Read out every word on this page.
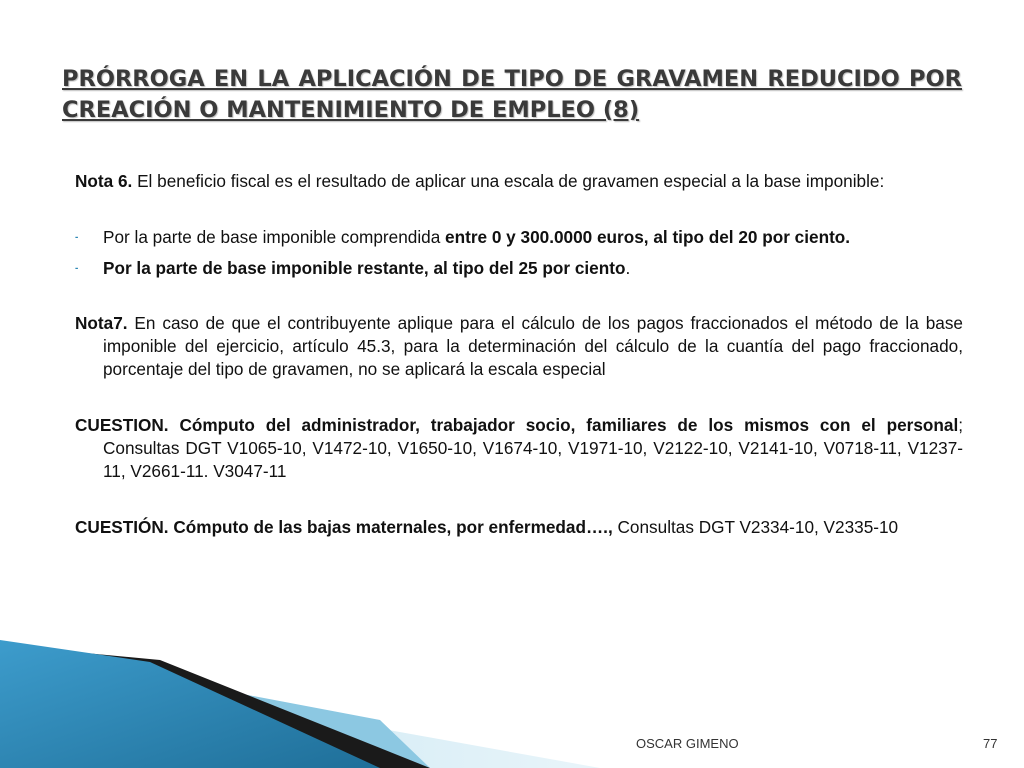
PRÓRROGA EN LA APLICACIÓN DE TIPO DE GRAVAMEN REDUCIDO POR
CREACIÓN O MANTENIMIENTO DE EMPLEO (8)

Nota 6. El beneficio fiscal es el resultado de aplicar una escala de gravamen especial a la base imponible:

- Por la parte de base imponible comprendida entre 0 y 300.0000 euros, al tipo del 20 por ciento.

- Por la parte de base imponible restante, al tipo del 25 por ciento.

Nota7. En caso de que el contribuyente aplique para el cálculo de los pagos fraccionados el método de la base imponible del ejercicio, artículo 45.3, para la determinación del cálculo de la cuantía del pago fraccionado, porcentaje del tipo de gravamen, no se aplicará la escala especial

CUESTION. Cómputo del administrador, trabajador socio, familiares de los mismos con el personal; Consultas DGT V1065-10, V1472-10, V1650-10, V1674-10, V1971-10, V2122-10, V2141-10, V0718-11, V1237-11, V2661-11. V3047-11

CUESTIÓN. Cómputo de las bajas maternales, por enfermedad…., Consultas DGT V2334-10, V2335-10

OSCAR GIMENO	77
